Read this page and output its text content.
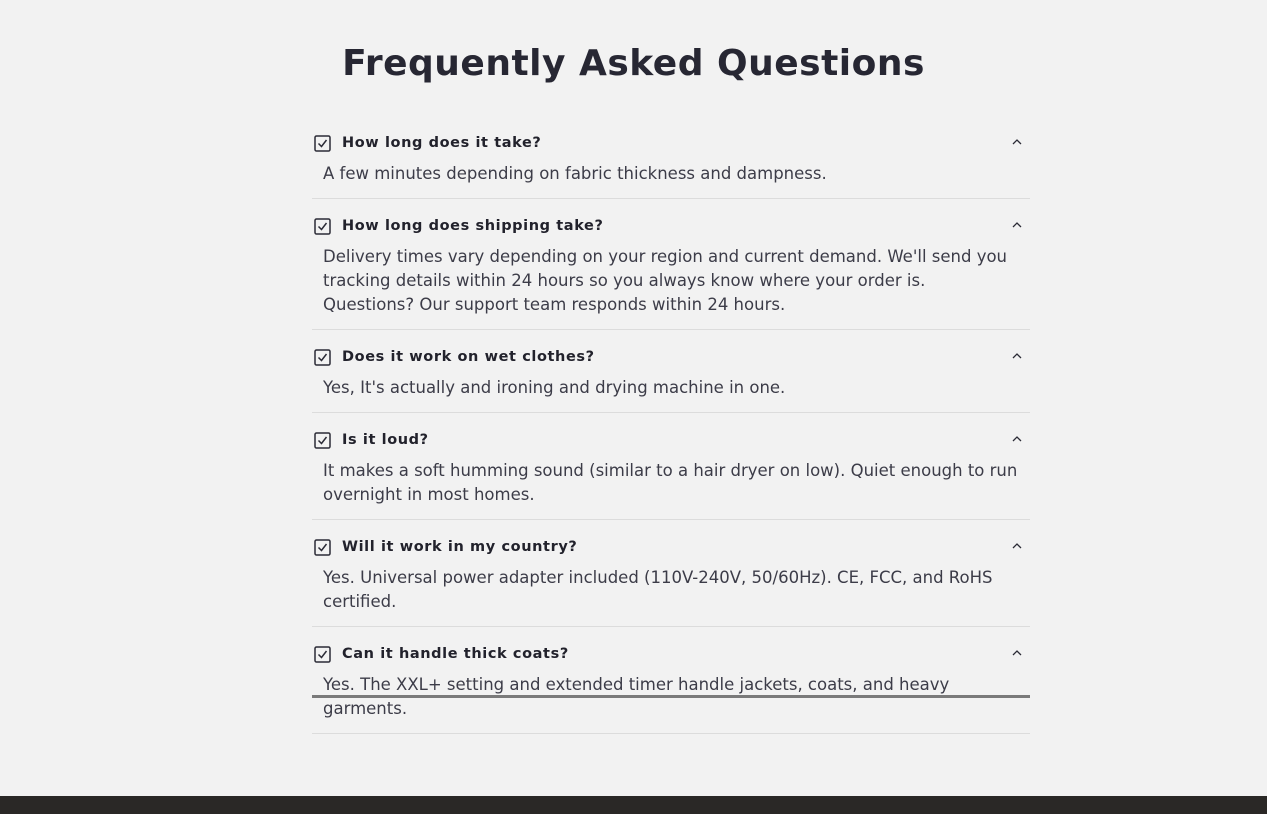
Frequently Asked Questions
How long does it take?
A few minutes depending on fabric thickness and dampness.
How long does shipping take?
Delivery times vary depending on your region and current demand. We'll send you tracking details within 24 hours so you always know where your order is. Questions? Our support team responds within 24 hours.
Does it work on wet clothes?
Yes, It's actually and ironing and drying machine in one.
Is it loud?
It makes a soft humming sound (similar to a hair dryer on low). Quiet enough to run overnight in most homes.
Will it work in my country?
Yes. Universal power adapter included (110V-240V, 50/60Hz). CE, FCC, and RoHS certified.
Can it handle thick coats?
Yes. The XXL+ setting and extended timer handle jackets, coats, and heavy garments.
